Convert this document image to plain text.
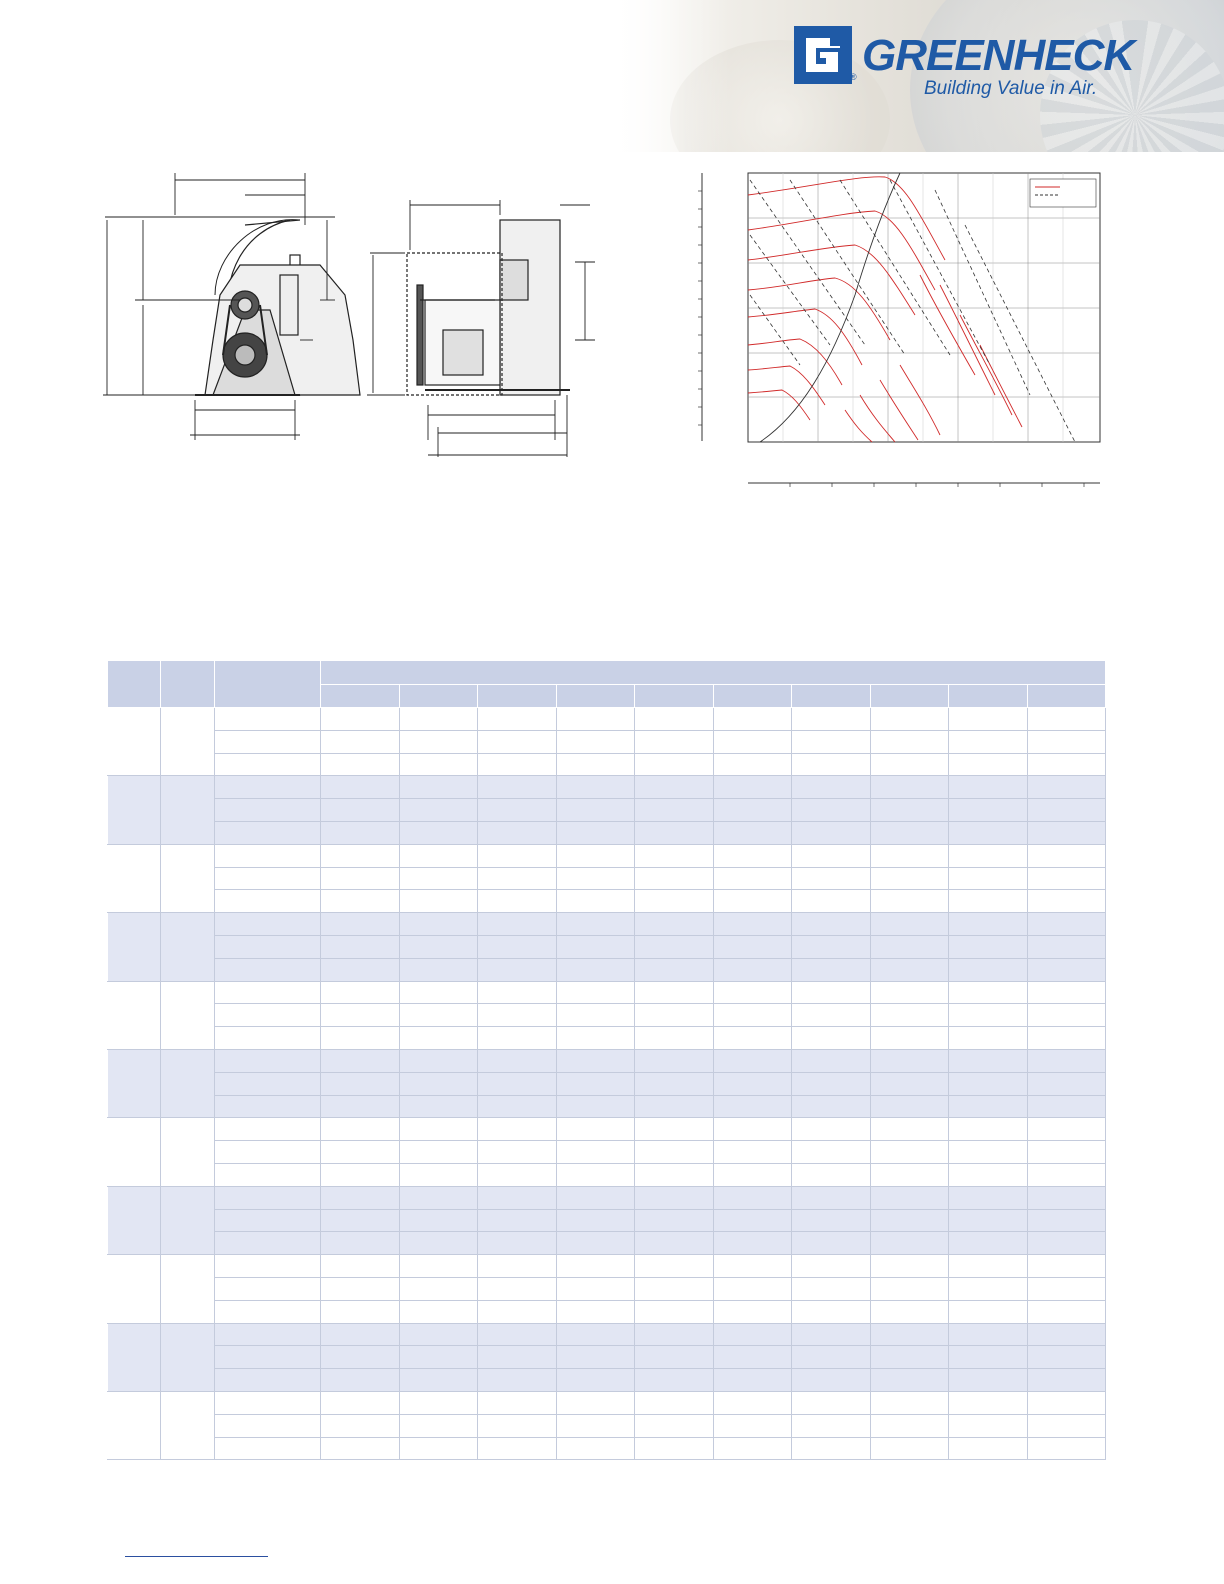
® GREENHECK

Building Value in Air.
